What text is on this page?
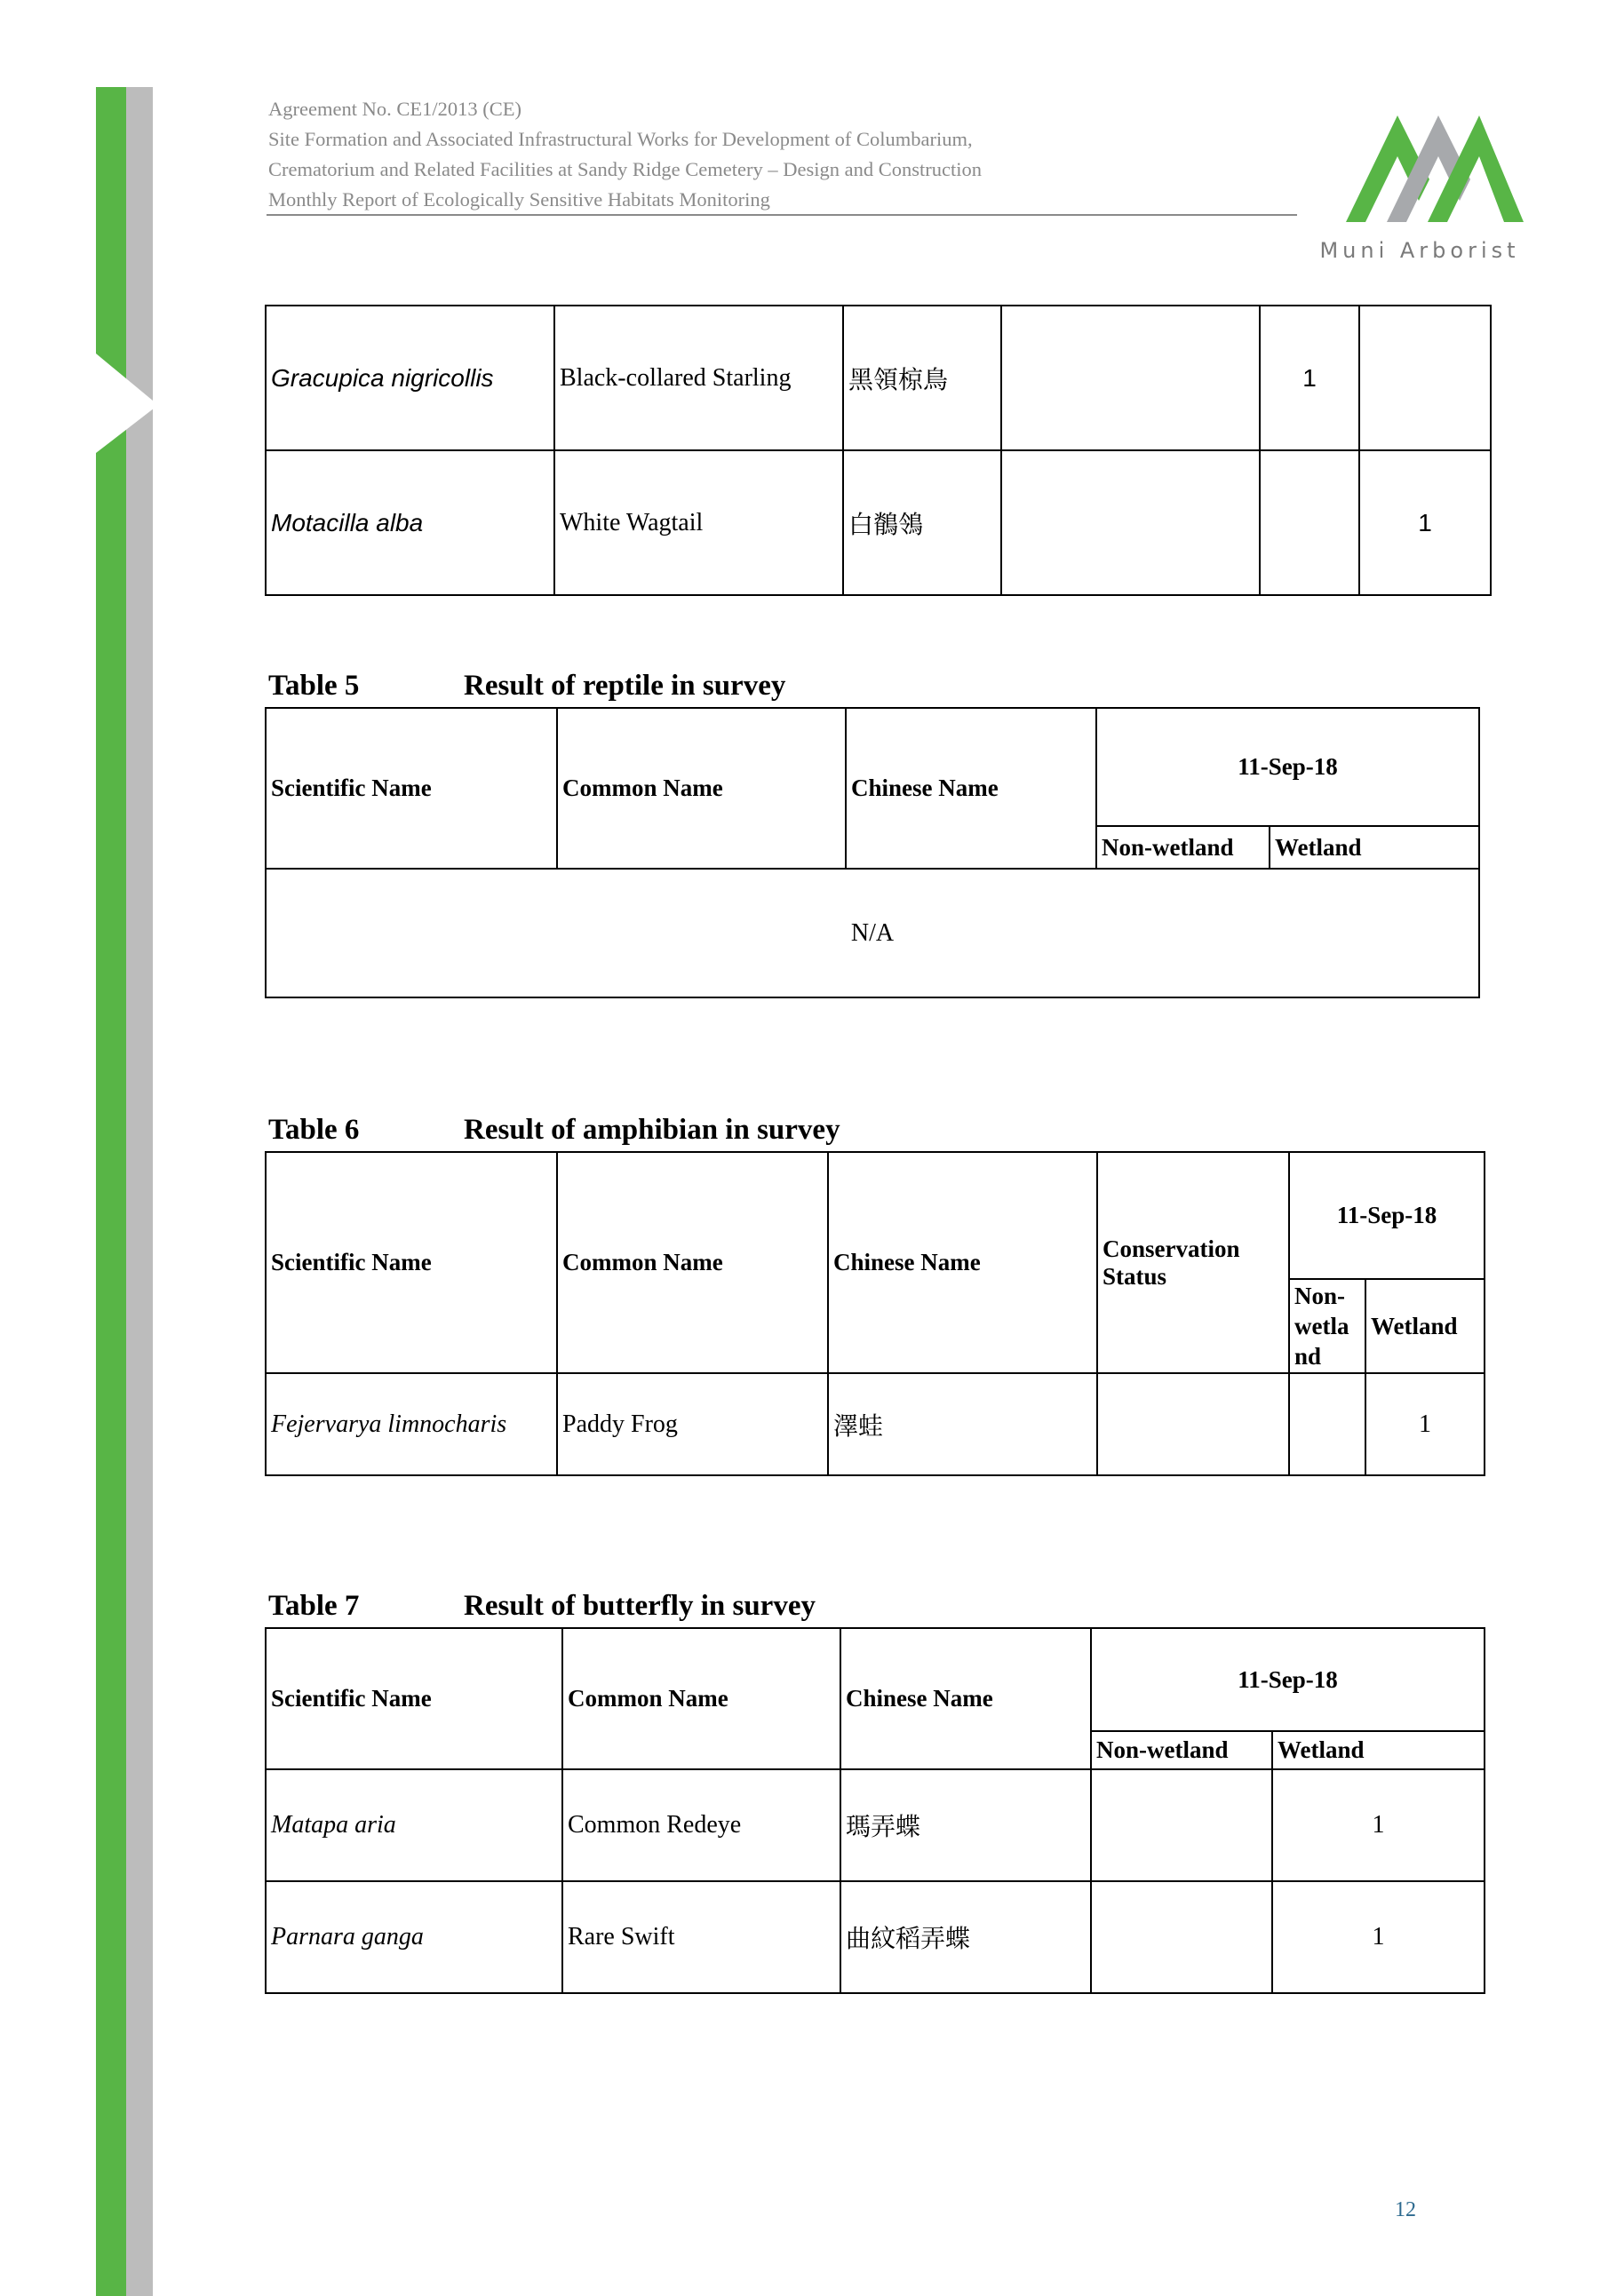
Agreement No. CE1/2013 (CE)
Site Formation and Associated Infrastructural Works for Development of Columbarium,
Crematorium and Related Facilities at Sandy Ridge Cemetery – Design and Construction
Monthly Report of Ecologically Sensitive Habitats Monitoring
Muni Arborist
Gracupica nigricollis	Black-collared Starling	黑領椋鳥		1	
Motacilla alba	White Wagtail	白鶺鴒			1
Table 5	Result of reptile in survey
Scientific Name	Common Name	Chinese Name	11-Sep-18	
			Non-wetland	Wetland
N/A				
Table 6	Result of amphibian in survey
Scientific Name	Common Name	Chinese Name	Conservation
Status	11-Sep-18	

				Non-
wetla
nd	Wetland
Fejervarya limnocharis	Paddy Frog	澤蛙			1
Table 7	Result of butterfly in survey
Scientific Name	Common Name	Chinese Name	11-Sep-18	
			Non-wetland	Wetland
Matapa aria	Common Redeye	瑪弄蝶		1
Parnara ganga	Rare Swift	曲紋稻弄蝶		1
12
